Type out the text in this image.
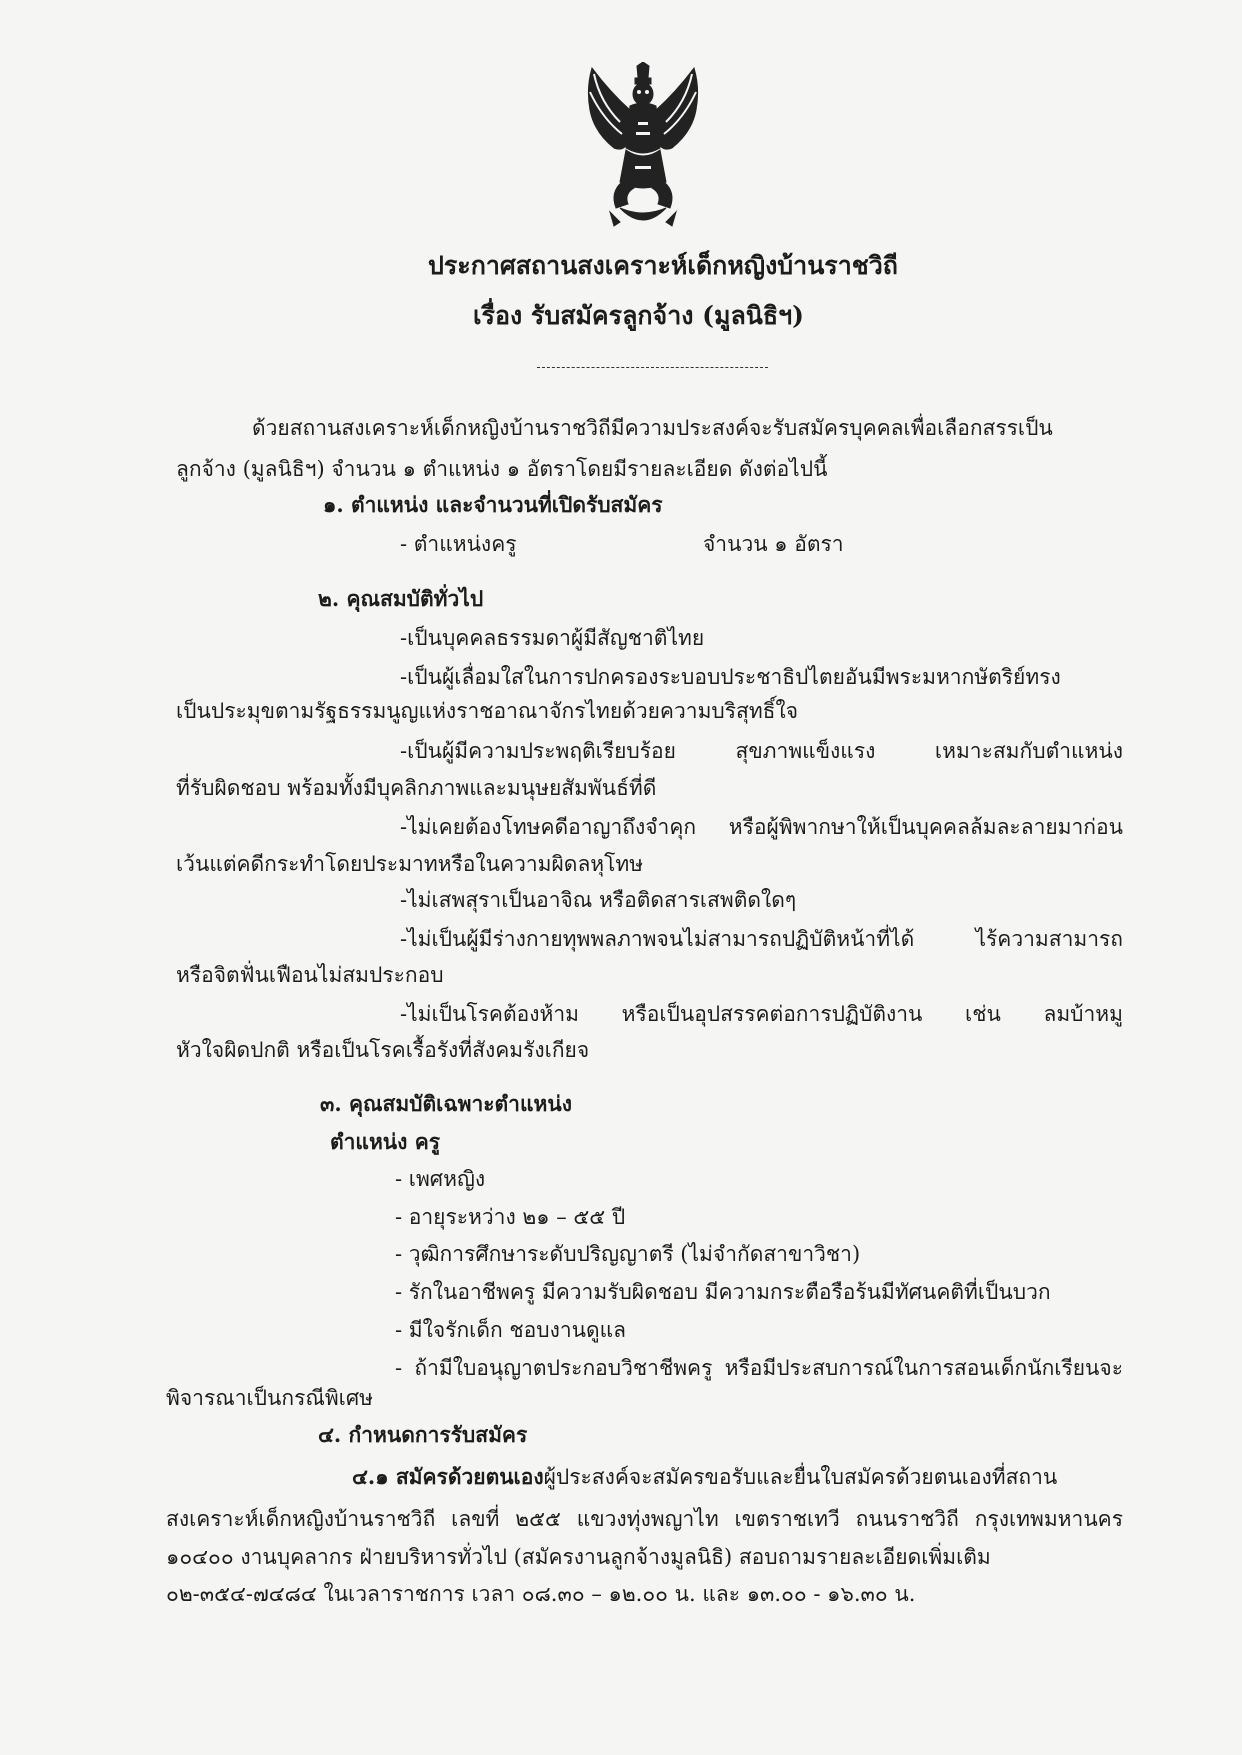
ประกาศสถานสงเคราะห์เด็กหญิงบ้านราชวิถี
เรื่อง รับสมัครลูกจ้าง (มูลนิธิฯ)
ด้วยสถานสงเคราะห์เด็กหญิงบ้านราชวิถีมีความประสงค์จะรับสมัครบุคคลเพื่อเลือกสรรเป็น
ลูกจ้าง (มูลนิธิฯ) จำนวน ๑ ตำแหน่ง ๑ อัตราโดยมีรายละเอียด ดังต่อไปนี้
๑. ตำแหน่ง และจำนวนที่เปิดรับสมัคร
- ตำแหน่งครู	จำนวน ๑ อัตรา
๒. คุณสมบัติทั่วไป
-เป็นบุคคลธรรมดาผู้มีสัญชาติไทย
-เป็นผู้เลื่อมใสในการปกครองระบอบประชาธิปไตยอันมีพระมหากษัตริย์ทรง
เป็นประมุขตามรัฐธรรมนูญแห่งราชอาณาจักรไทยด้วยความบริสุทธิ์ใจ
-เป็นผู้มีความประพฤติเรียบร้อย สุขภาพแข็งแรง เหมาะสมกับตำแหน่ง
ที่รับผิดชอบ พร้อมทั้งมีบุคลิกภาพและมนุษยสัมพันธ์ที่ดี
-ไม่เคยต้องโทษคดีอาญาถึงจำคุก หรือผู้พิพากษาให้เป็นบุคคลล้มละลายมาก่อน
เว้นแต่คดีกระทำโดยประมาทหรือในความผิดลหุโทษ
-ไม่เสพสุราเป็นอาจิณ หรือติดสารเสพติดใดๆ
-ไม่เป็นผู้มีร่างกายทุพพลภาพจนไม่สามารถปฏิบัติหน้าที่ได้ ไร้ความสามารถ
หรือจิตฟั่นเฟือนไม่สมประกอบ
-ไม่เป็นโรคต้องห้าม หรือเป็นอุปสรรคต่อการปฏิบัติงาน เช่น ลมบ้าหมู
หัวใจผิดปกติ หรือเป็นโรคเรื้อรังที่สังคมรังเกียจ
๓. คุณสมบัติเฉพาะตำแหน่ง
ตำแหน่ง ครู
- เพศหญิง
- อายุระหว่าง ๒๑ – ๕๕ ปี
- วุฒิการศึกษาระดับปริญญาตรี (ไม่จำกัดสาขาวิชา)
- รักในอาชีพครู มีความรับผิดชอบ มีความกระตือรือร้นมีทัศนคติที่เป็นบวก
- มีใจรักเด็ก ชอบงานดูแล
- ถ้ามีใบอนุญาตประกอบวิชาชีพครู หรือมีประสบการณ์ในการสอนเด็กนักเรียนจะ
พิจารณาเป็นกรณีพิเศษ
๔. กำหนดการรับสมัคร
๔.๑ สมัครด้วยตนเองผู้ประสงค์จะสมัครขอรับและยื่นใบสมัครด้วยตนเองที่สถาน
สงเคราะห์เด็กหญิงบ้านราชวิถี เลขที่ ๒๕๕ แขวงทุ่งพญาไท เขตราชเทวี ถนนราชวิถี กรุงเทพมหานคร
๑๐๔๐๐ งานบุคลากร ฝ่ายบริหารทั่วไป (สมัครงานลูกจ้างมูลนิธิ) สอบถามรายละเอียดเพิ่มเติม
๐๒-๓๕๔-๗๔๘๔ ในเวลาราชการ เวลา ๐๘.๓๐ – ๑๒.๐๐ น. และ ๑๓.๐๐ - ๑๖.๓๐ น.
